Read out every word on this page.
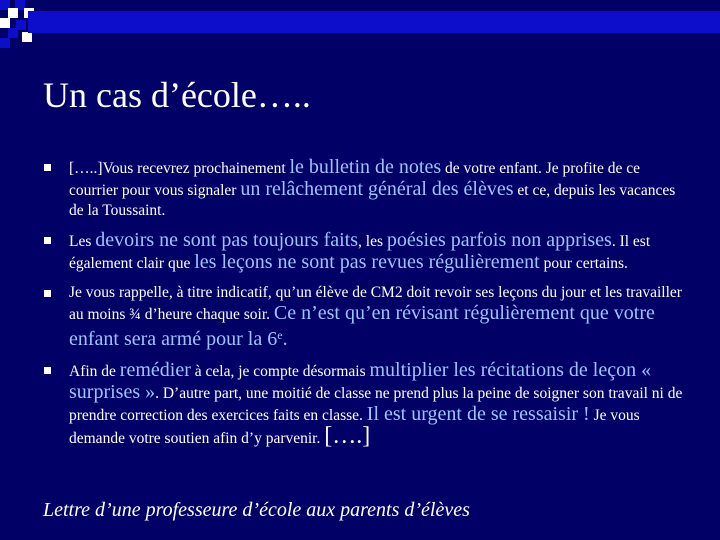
Un cas d’école…..
[…..]Vous recevrez prochainement le bulletin de notes de votre enfant. Je profite de ce courrier pour vous signaler un relâchement général des élèves et ce, depuis les vacances de la Toussaint.
Les devoirs ne sont pas toujours faits, les poésies parfois non apprises. Il est également clair que les leçons ne sont pas revues régulièrement pour certains.
Je vous rappelle, à titre indicatif, qu’un élève de CM2 doit revoir ses leçons du jour et les travailler au moins ¾ d’heure chaque soir. Ce n’est qu’en révisant régulièrement que votre enfant sera armé pour la 6e.
Afin de remédier à cela, je compte désormais multiplier les récitations de leçon « surprises ». D’autre part, une moitié de classe ne prend plus la peine de soigner son travail ni de prendre correction des exercices faits en classe. Il est urgent de se ressaisir ! Je vous demande votre soutien afin d’y parvenir. [….]
Lettre d’une professeure d’école aux parents d’élèves
